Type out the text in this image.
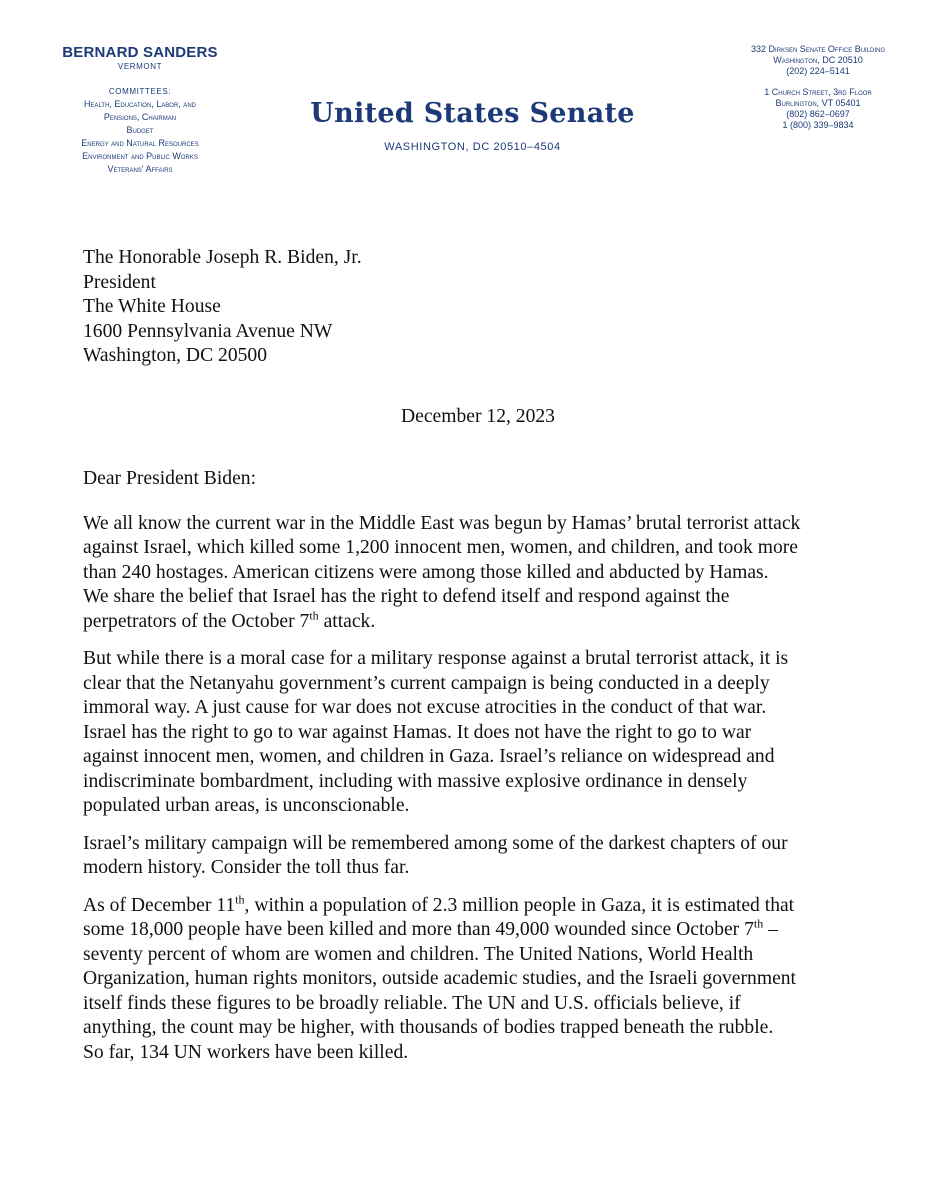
BERNARD SANDERS
VERMONT
COMMITTEES:
Health, Education, Labor, and
Pensions, Chairman
Budget
Energy and Natural Resources
Environment and Public Works
Veterans' Affairs
United States Senate
WASHINGTON, DC 20510–4504
332 Dirksen Senate Office Building
Washington, DC 20510
(202) 224–5141
1 Church Street, 3rd Floor
Burlington, VT 05401
(802) 862–0697
1 (800) 339–9834
The Honorable Joseph R. Biden, Jr.
President
The White House
1600 Pennsylvania Avenue NW
Washington, DC 20500
December 12, 2023
Dear President Biden:
We all know the current war in the Middle East was begun by Hamas’ brutal terrorist attack
against Israel, which killed some 1,200 innocent men, women, and children, and took more
than 240 hostages. American citizens were among those killed and abducted by Hamas.
We share the belief that Israel has the right to defend itself and respond against the
perpetrators of the October 7th attack.
But while there is a moral case for a military response against a brutal terrorist attack, it is
clear that the Netanyahu government’s current campaign is being conducted in a deeply
immoral way. A just cause for war does not excuse atrocities in the conduct of that war.
Israel has the right to go to war against Hamas. It does not have the right to go to war
against innocent men, women, and children in Gaza. Israel’s reliance on widespread and
indiscriminate bombardment, including with massive explosive ordinance in densely
populated urban areas, is unconscionable.
Israel’s military campaign will be remembered among some of the darkest chapters of our
modern history. Consider the toll thus far.
As of December 11th, within a population of 2.3 million people in Gaza, it is estimated that
some 18,000 people have been killed and more than 49,000 wounded since October 7th –
seventy percent of whom are women and children. The United Nations, World Health
Organization, human rights monitors, outside academic studies, and the Israeli government
itself finds these figures to be broadly reliable. The UN and U.S. officials believe, if
anything, the count may be higher, with thousands of bodies trapped beneath the rubble.
So far, 134 UN workers have been killed.
